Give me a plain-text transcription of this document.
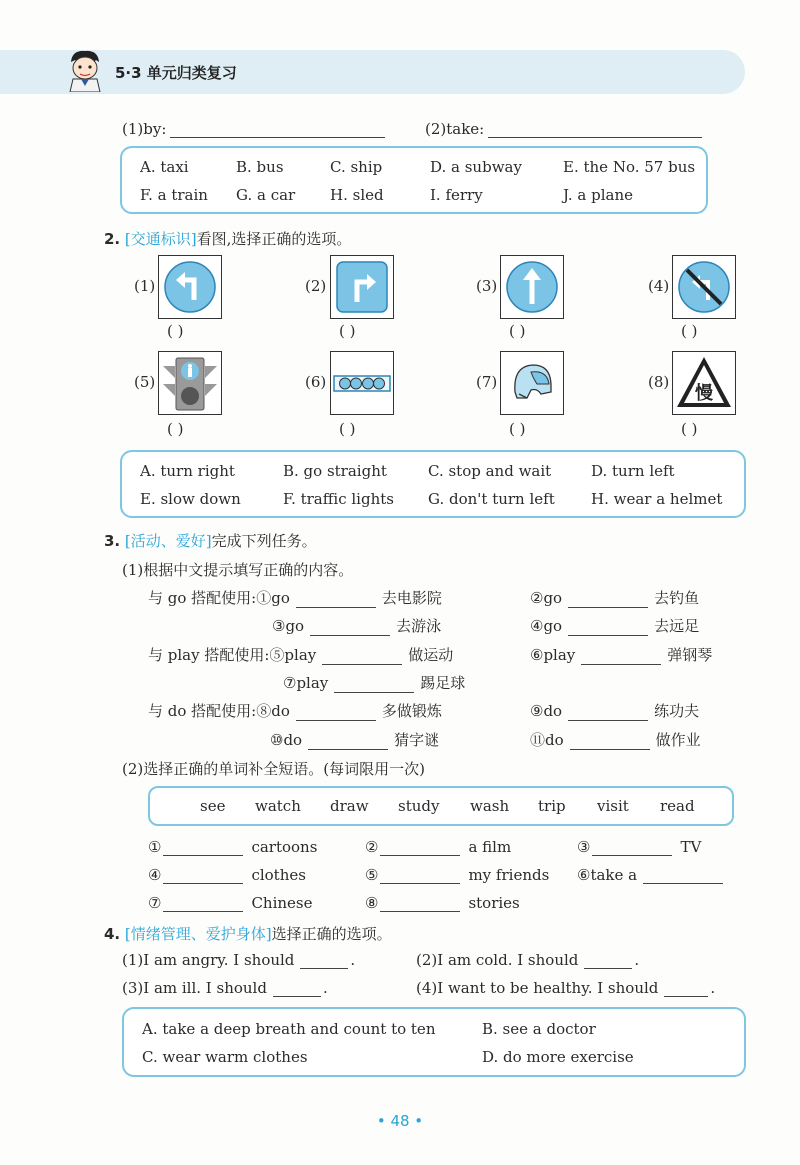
5·3 单元归类复习
(1)by:	(2)take:
A. taxi	B. bus	C. ship	D. a subway	E. the No. 57 bus
F. a train G. a car H. sled	I. ferry	J. a plane
2. [交通标识]看图,选择正确的选项。
(1)
( )
(2)
( )
(3)
( )
(4)
( )
(5)
( )
(6)
( )
(7)
( )
(8)
慢
( )
A. turn right	B. go straight	C. stop and wait	D. turn left
E. slow down	F. traffic lights G. don't turn left H. wear a helmet
3. [活动、爱好]完成下列任务。
(1)根据中文提示填写正确的内容。
与 go 搭配使用:①go	去电影院	②go	去钓鱼
③go	去游泳	④go	去远足
与 play 搭配使用:⑤play	做运动	⑥play	弹钢琴
⑦play	踢足球
与 do 搭配使用:⑧do	多做锻炼	⑨do	练功夫
⑩do	猜字谜	⑪do	做作业
(2)选择正确的单词补全短语。(每词限用一次)
see watch draw study wash trip visit read
①	cartoons	②	a film	③	TV
④	clothes	⑤	my friends ⑥take a
⑦	Chinese	⑧	stories
4. [情绪管理、爱护身体]选择正确的选项。
(1)I am angry. I should	.	(2)I am cold. I should	.
(3)I am ill. I should	.	(4)I want to be healthy. I should	.
A. take a deep breath and count to ten	B. see a doctor
C. wear warm clothes	D. do more exercise
• 48 •
